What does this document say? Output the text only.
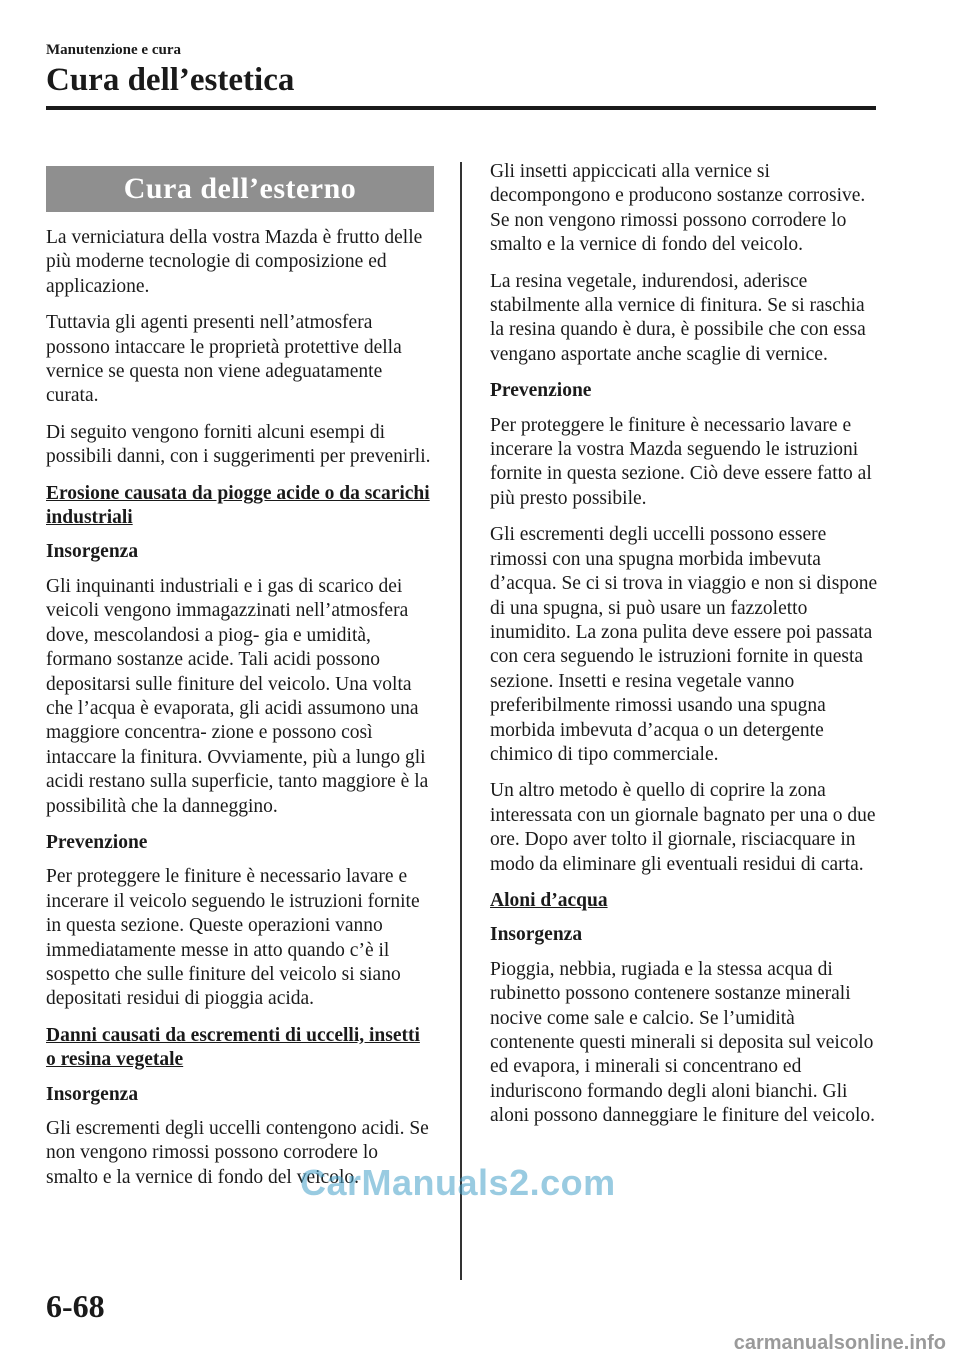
Manutenzione e cura
Cura dell’estetica
Cura dell’esterno

La verniciatura della vostra Mazda è frutto delle più moderne tecnologie di composizione ed applicazione.

Tuttavia gli agenti presenti nell’atmosfera possono intaccare le proprietà protettive della vernice se questa non viene adeguatamente curata.

Di seguito vengono forniti alcuni esempi di possibili danni, con i suggerimenti per prevenirli.

Erosione causata da piogge acide o da scarichi industriali
Insorgenza

Gli inquinanti industriali e i gas di scarico dei veicoli vengono immagazzinati nell’atmosfera dove, mescolandosi a piog- gia e umidità, formano sostanze acide. Tali acidi possono depositarsi sulle finiture del veicolo. Una volta che l’acqua è evaporata, gli acidi assumono una maggiore concentra- zione e possono così intaccare la finitura. Ovviamente, più a lungo gli acidi restano sulla superficie, tanto maggiore è la possibilità che la danneggino.

Prevenzione

Per proteggere le finiture è necessario lavare e incerare il veicolo seguendo le istruzioni fornite in questa sezione. Queste operazioni vanno immediatamente messe in atto quando c’è il sospetto che sulle finiture del veicolo si siano depositati residui di pioggia acida.

Danni causati da escrementi di uccelli, insetti o resina vegetale
Insorgenza

Gli escrementi degli uccelli contengono acidi. Se non vengono rimossi possono corrodere lo smalto e la vernice di fondo del veicolo.

Gli insetti appiccicati alla vernice si decompongono e producono sostanze corrosive. Se non vengono rimossi possono corrodere lo smalto e la vernice di fondo del veicolo.

La resina vegetale, indurendosi, aderisce stabilmente alla vernice di finitura. Se si raschia la resina quando è dura, è possibile che con essa vengano asportate anche scaglie di vernice.

Prevenzione

Per proteggere le finiture è necessario lavare e incerare la vostra Mazda seguendo le istruzioni fornite in questa sezione. Ciò deve essere fatto al più presto possibile.

Gli escrementi degli uccelli possono essere rimossi con una spugna morbida imbevuta d’acqua. Se ci si trova in viaggio e non si dispone di una spugna, si può usare un fazzoletto inumidito. La zona pulita deve essere poi passata con cera seguendo le istruzioni fornite in questa sezione. Insetti e resina vegetale vanno preferibilmente rimossi usando una spugna morbida imbevuta d’acqua o un detergente chimico di tipo commerciale.

Un altro metodo è quello di coprire la zona interessata con un giornale bagnato per una o due ore. Dopo aver tolto il giornale, risciacquare in modo da eliminare gli eventuali residui di carta.

Aloni d’acqua
Insorgenza

Pioggia, nebbia, rugiada e la stessa acqua di rubinetto possono contenere sostanze minerali nocive come sale e calcio. Se l’umidità contenente questi minerali si deposita sul veicolo ed evapora, i minerali si concentrano ed induriscono formando degli aloni bianchi. Gli aloni possono danneggiare le finiture del veicolo.

CarManuals2.com
6-68
carmanualsonline.info
